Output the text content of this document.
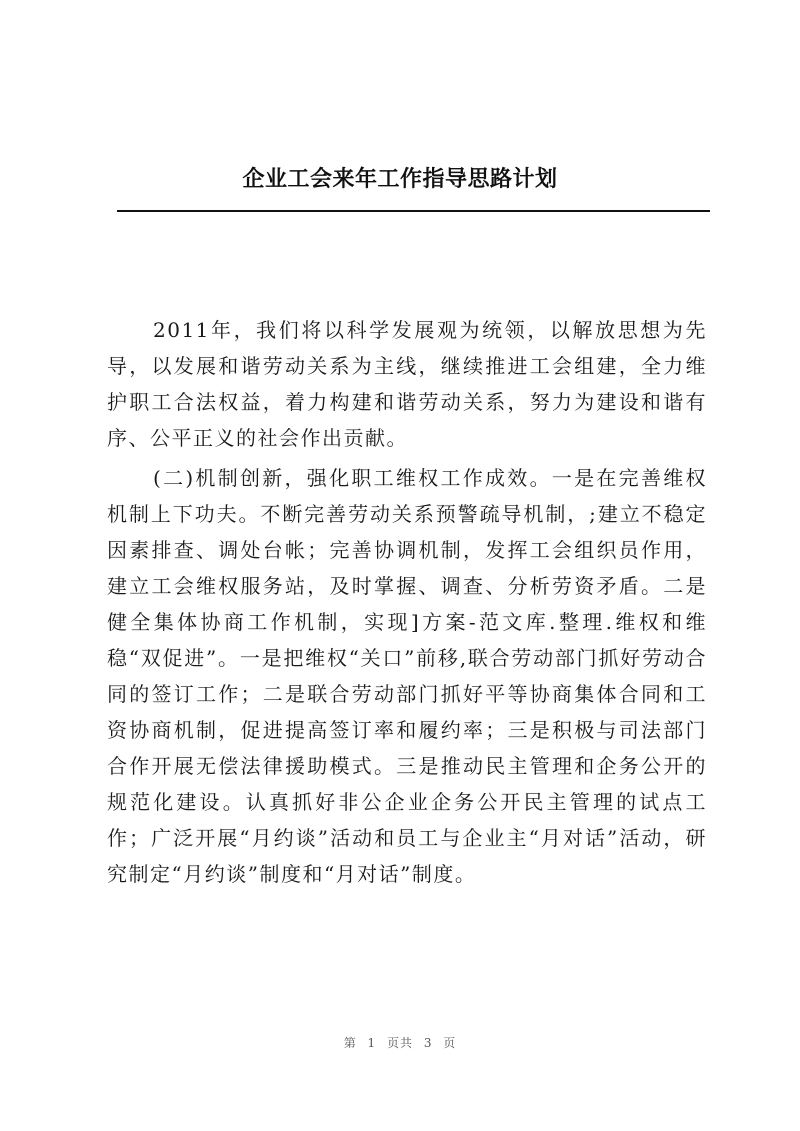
企业工会来年工作指导思路计划

2011年，我们将以科学发展观为统领，以解放思想为先导，以发展和谐劳动关系为主线，继续推进工会组建，全力维护职工合法权益，着力构建和谐劳动关系，努力为建设和谐有序、公平正义的社会作出贡献。

(二)机制创新，强化职工维权工作成效。一是在完善维权机制上下功夫。不断完善劳动关系预警疏导机制，;建立不稳定因素排查、调处台帐；完善协调机制，发挥工会组织员作用，建立工会维权服务站，及时掌握、调查、分析劳资矛盾。二是健全集体协商工作机制，实现]方案-范文库.整理.维权和维稳“双促进”。一是把维权“关口”前移,联合劳动部门抓好劳动合同的签订工作；二是联合劳动部门抓好平等协商集体合同和工资协商机制，促进提高签订率和履约率；三是积极与司法部门合作开展无偿法律援助模式。三是推动民主管理和企务公开的规范化建设。认真抓好非公企业企务公开民主管理的试点工作；广泛开展“月约谈”活动和员工与企业主“月对话”活动，研究制定“月约谈”制度和“月对话”制度。

第 1 页共 3 页
